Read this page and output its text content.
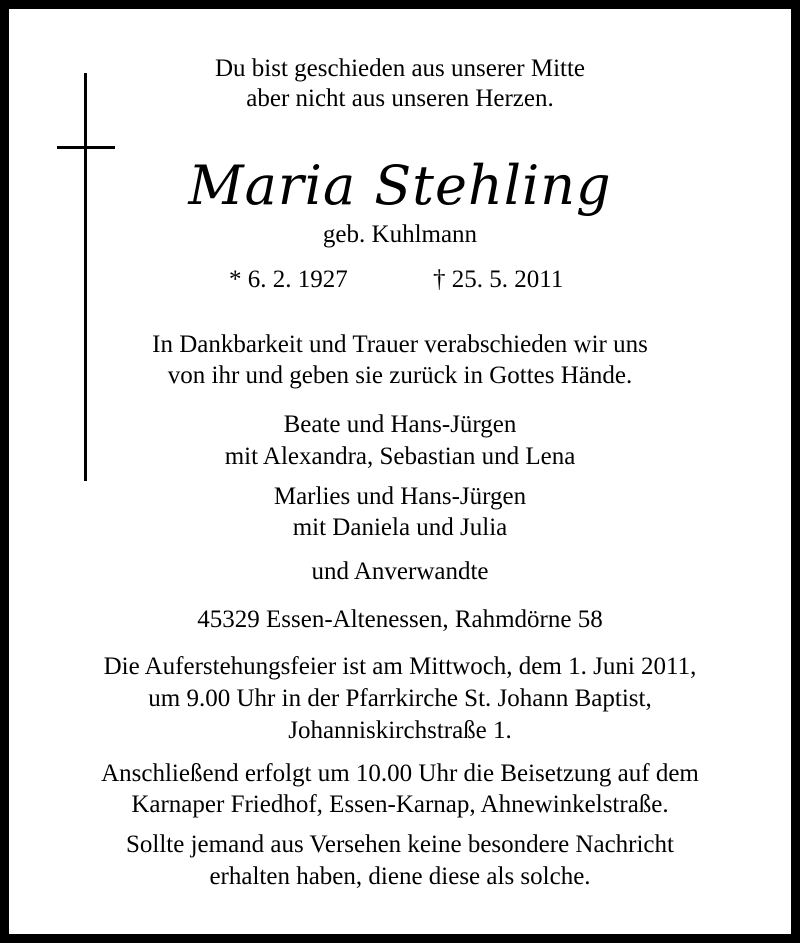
Du bist geschieden aus unserer Mitte
aber nicht aus unseren Herzen.
Maria Stehling
geb. Kuhlmann
* 6. 2. 1927	† 25. 5. 2011
In Dankbarkeit und Trauer verabschieden wir uns
von ihr und geben sie zurück in Gottes Hände.
Beate und Hans-Jürgen
mit Alexandra, Sebastian und Lena
Marlies und Hans-Jürgen
mit Daniela und Julia
und Anverwandte
45329 Essen-Altenessen, Rahmdörne 58
Die Auferstehungsfeier ist am Mittwoch, dem 1. Juni 2011,
um 9.00 Uhr in der Pfarrkirche St. Johann Baptist,
Johanniskirchstraße 1.
Anschließend erfolgt um 10.00 Uhr die Beisetzung auf dem
Karnaper Friedhof, Essen-Karnap, Ahnewinkelstraße.
Sollte jemand aus Versehen keine besondere Nachricht
erhalten haben, diene diese als solche.
